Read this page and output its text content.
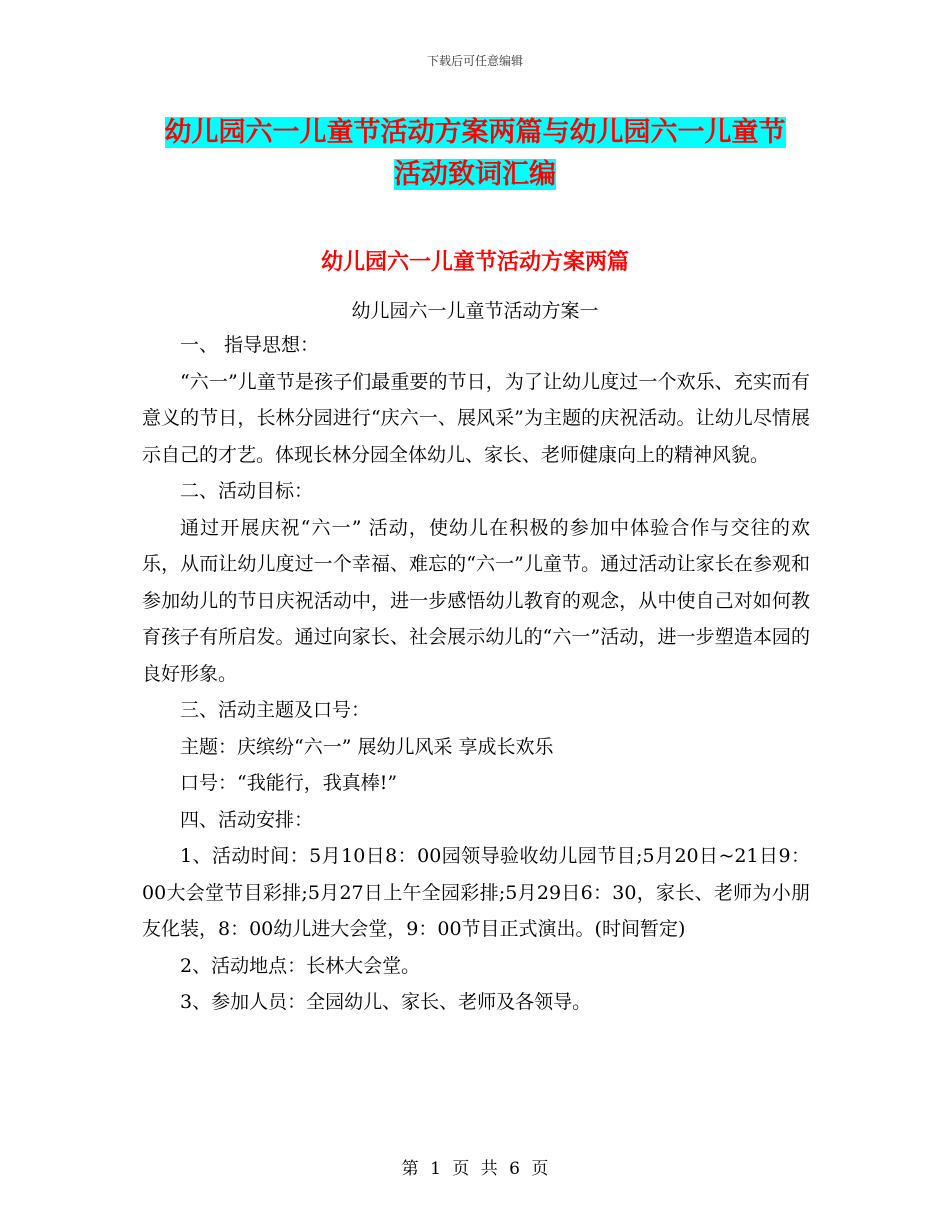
下载后可任意编辑
幼儿园六一儿童节活动方案两篇与幼儿园六一儿童节
活动致词汇编
幼儿园六一儿童节活动方案两篇
幼儿园六一儿童节活动方案一

一、 指导思想：

“六一”儿童节是孩子们最重要的节日，为了让幼儿度过一个欢乐、充实而有意义的节日，长林分园进行“庆六一、展风采”为主题的庆祝活动。让幼儿尽情展示自己的才艺。体现长林分园全体幼儿、家长、老师健康向上的精神风貌。

二、活动目标：

通过开展庆祝“六一” 活动，使幼儿在积极的参加中体验合作与交往的欢乐，从而让幼儿度过一个幸福、难忘的“六一”儿童节。通过活动让家长在参观和参加幼儿的节日庆祝活动中，进一步感悟幼儿教育的观念，从中使自己对如何教育孩子有所启发。通过向家长、社会展示幼儿的“六一”活动，进一步塑造本园的良好形象。

三、活动主题及口号：

主题：庆缤纷“六一” 展幼儿风采 享成长欢乐

口号：“我能行，我真棒!”

四、活动安排：

1、活动时间：5月10日8：00园领导验收幼儿园节目;5月20日~21日9：00大会堂节目彩排;5月27日上午全园彩排;5月29日6：30，家长、老师为小朋友化装，8：00幼儿进大会堂，9：00节目正式演出。(时间暂定)

2、活动地点：长林大会堂。

3、参加人员：全园幼儿、家长、老师及各领导。

第 1 页 共 6 页
